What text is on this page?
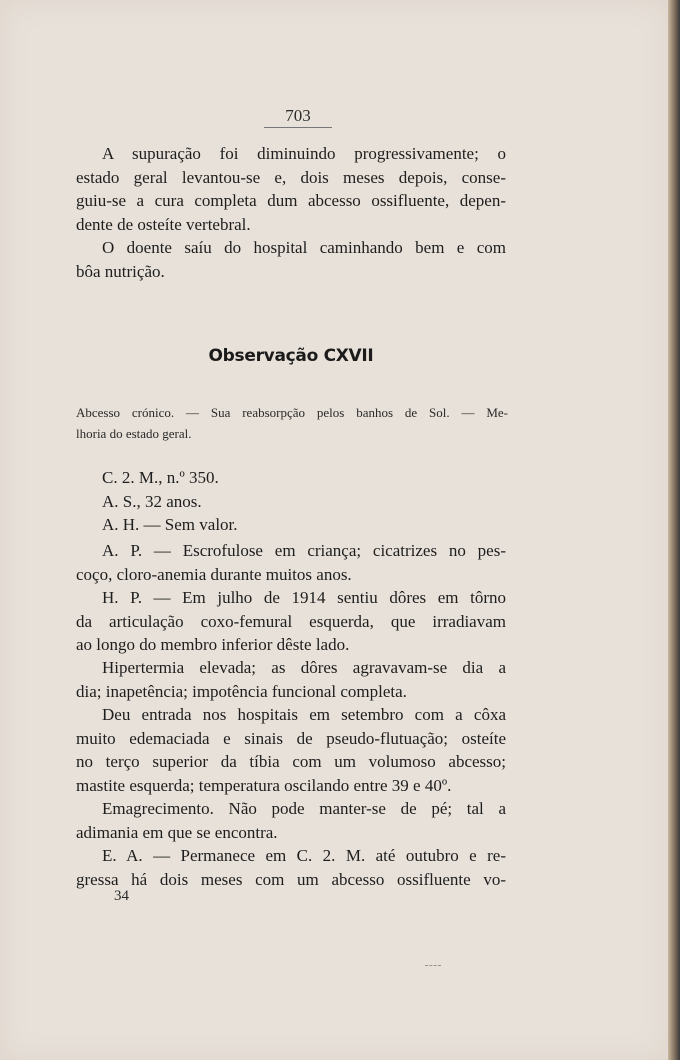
703
A supuração foi diminuindo progressivamente; o
estado geral levantou-se e, dois meses depois, conse-
guiu-se a cura completa dum abcesso ossifluente, depen-
dente de osteíte vertebral.
O doente saíu do hospital caminhando bem e com
bôa nutrição.
Observação CXVII
Abcesso crónico. — Sua reabsorpção pelos banhos de Sol. — Me-
lhoria do estado geral.
C. 2. M., n.º 350.
A. S., 32 anos.
A. H. — Sem valor.
A. P. — Escrofulose em criança; cicatrizes no pes-
coço, cloro-anemia durante muitos anos.
H. P. — Em julho de 1914 sentiu dôres em tôrno
da articulação coxo-femural esquerda, que irradiavam
ao longo do membro inferior dêste lado.
Hipertermia elevada; as dôres agravavam-se dia a
dia; inapetência; impotência funcional completa.
Deu entrada nos hospitais em setembro com a côxa
muito edemaciada e sinais de pseudo-flutuação; osteíte
no terço superior da tíbia com um volumoso abcesso;
mastite esquerda; temperatura oscilando entre 39 e 40º.
Emagrecimento. Não pode manter-se de pé; tal a
adimania em que se encontra.
E. A. — Permanece em C. 2. M. até outubro e re-
gressa há dois meses com um abcesso ossifluente vo-
34
